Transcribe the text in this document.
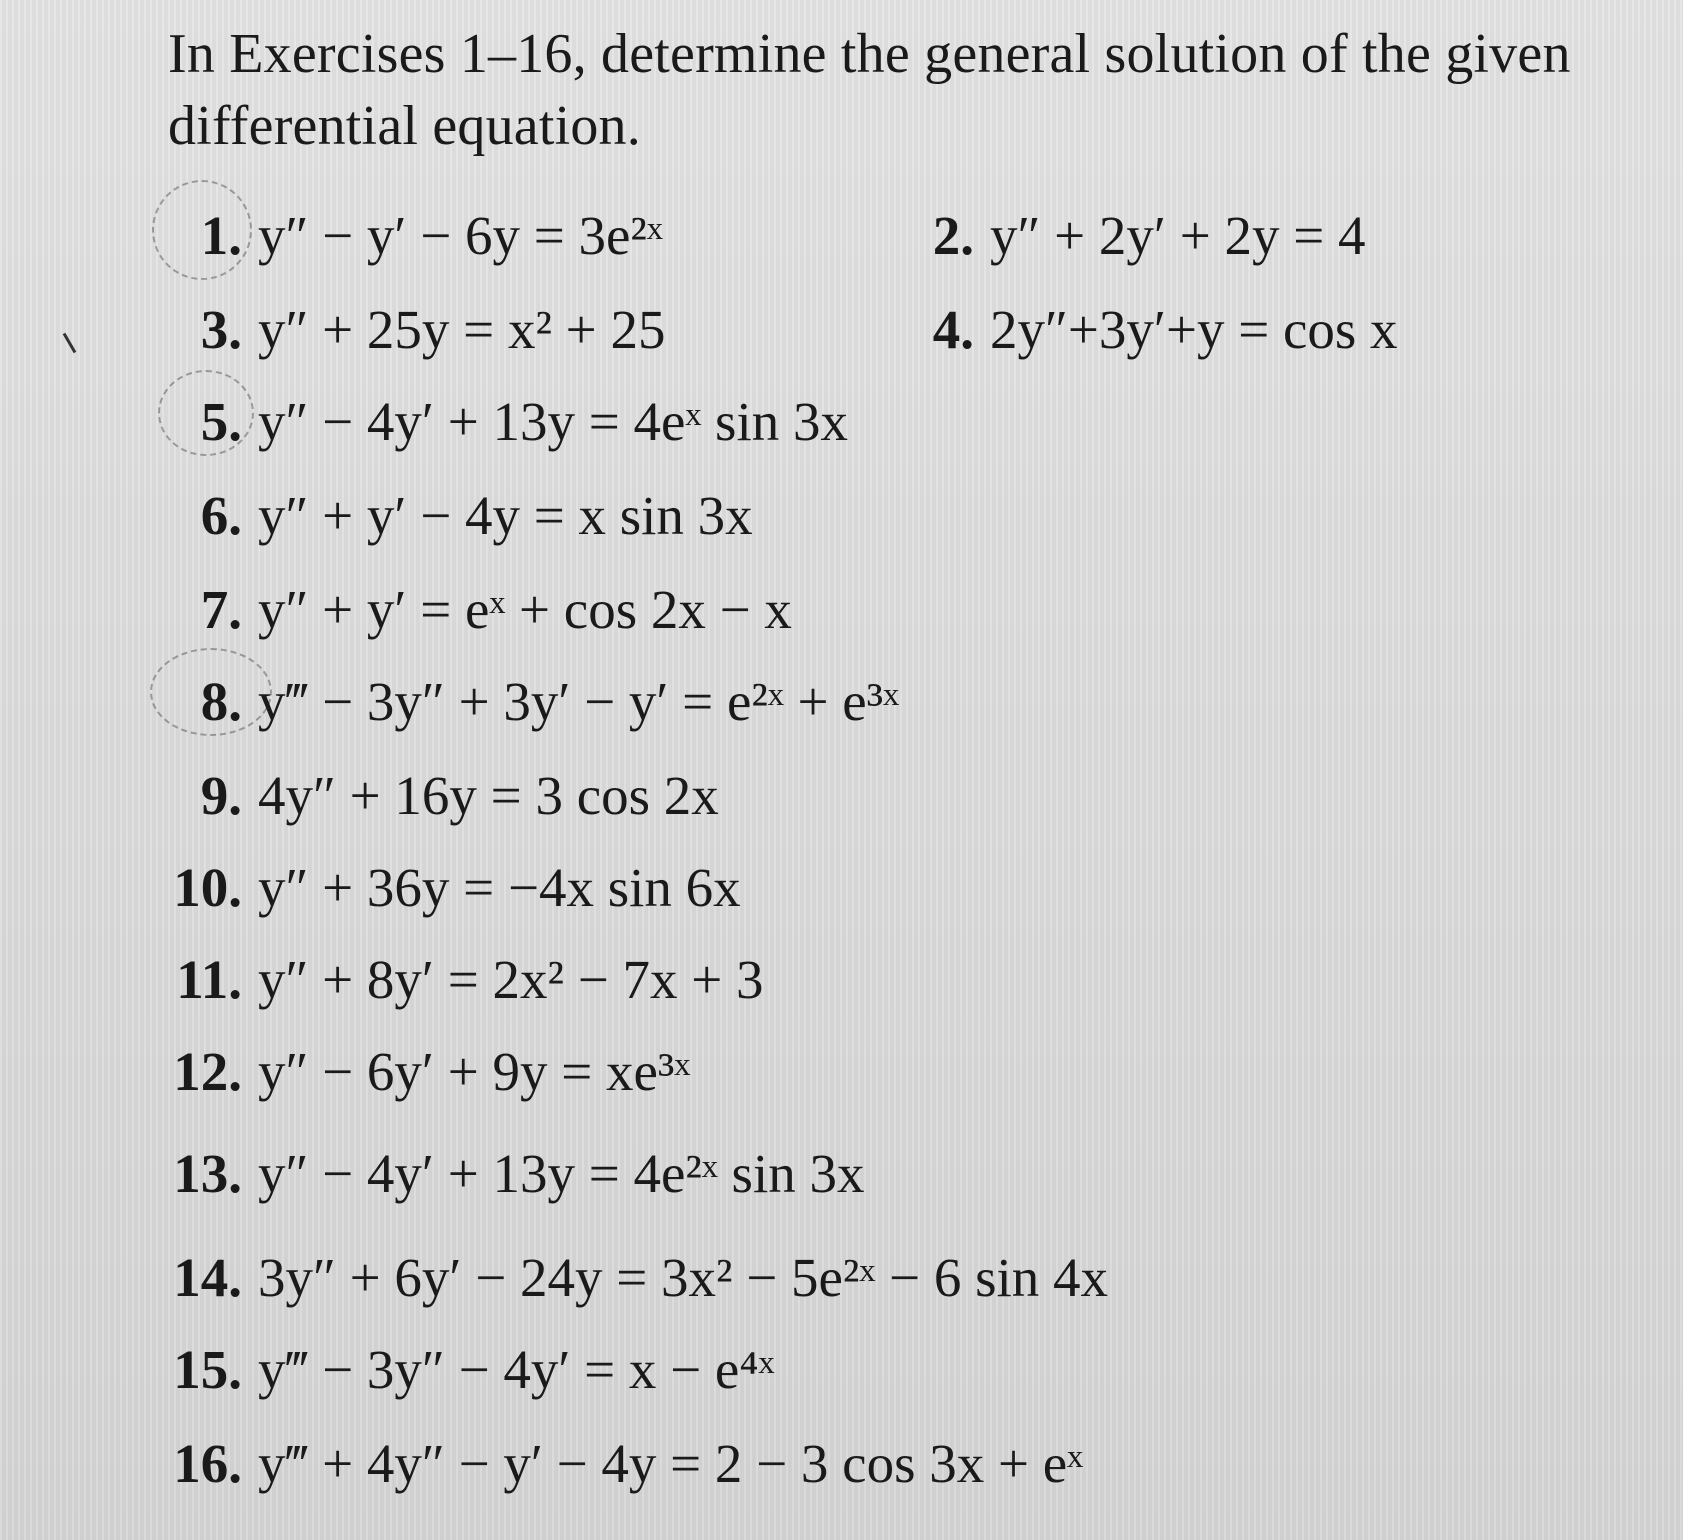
In Exercises 1–16, determine the general solution of the given differential equation.

1. y″ − y′ − 6y = 3e²ˣ	2. y″ + 2y′ + 2y = 4
3. y″ + 25y = x² + 25	4. 2y″+3y′+y = cos x
5. y″ − 4y′ + 13y = 4eˣ sin 3x
6. y″ + y′ − 4y = x sin 3x
7. y″ + y′ = eˣ + cos 2x − x
8. y‴ − 3y″ + 3y′ − y′ = e²ˣ + e³ˣ
9. 4y″ + 16y = 3 cos 2x
10. y″ + 36y = −4x sin 6x
11. y″ + 8y′ = 2x² − 7x + 3
12. y″ − 6y′ + 9y = xe³ˣ
13. y″ − 4y′ + 13y = 4e²ˣ sin 3x
14. 3y″ + 6y′ − 24y = 3x² − 5e²ˣ − 6 sin 4x
15. y‴ − 3y″ − 4y′ = x − e⁴ˣ
16. y‴ + 4y″ − y′ − 4y = 2 − 3 cos 3x + eˣ
